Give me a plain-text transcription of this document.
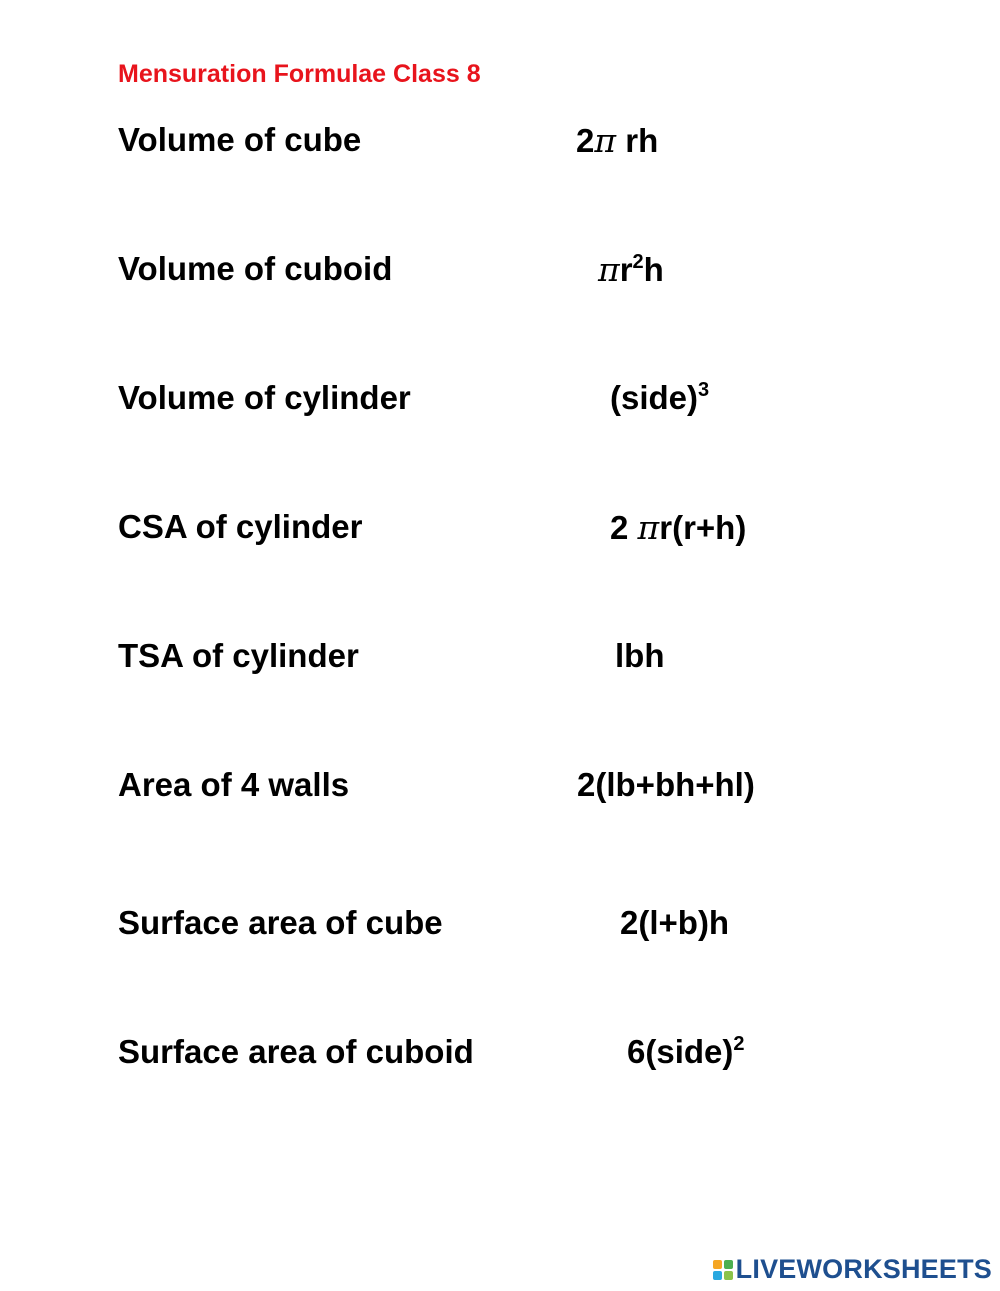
Mensuration Formulae Class 8
Volume of cube	2π rh
Volume of cuboid	$\pi r^2h$
Volume of cylinder	(side)$^3$
CSA of cylinder	2 πr(r+h)
TSA of cylinder	lbh
Area of 4 walls	2(lb+bh+hl)
Surface area of cube	2(l+b)h
Surface area of cuboid	6(side)$^2$
LIVEWORKSHEETS
